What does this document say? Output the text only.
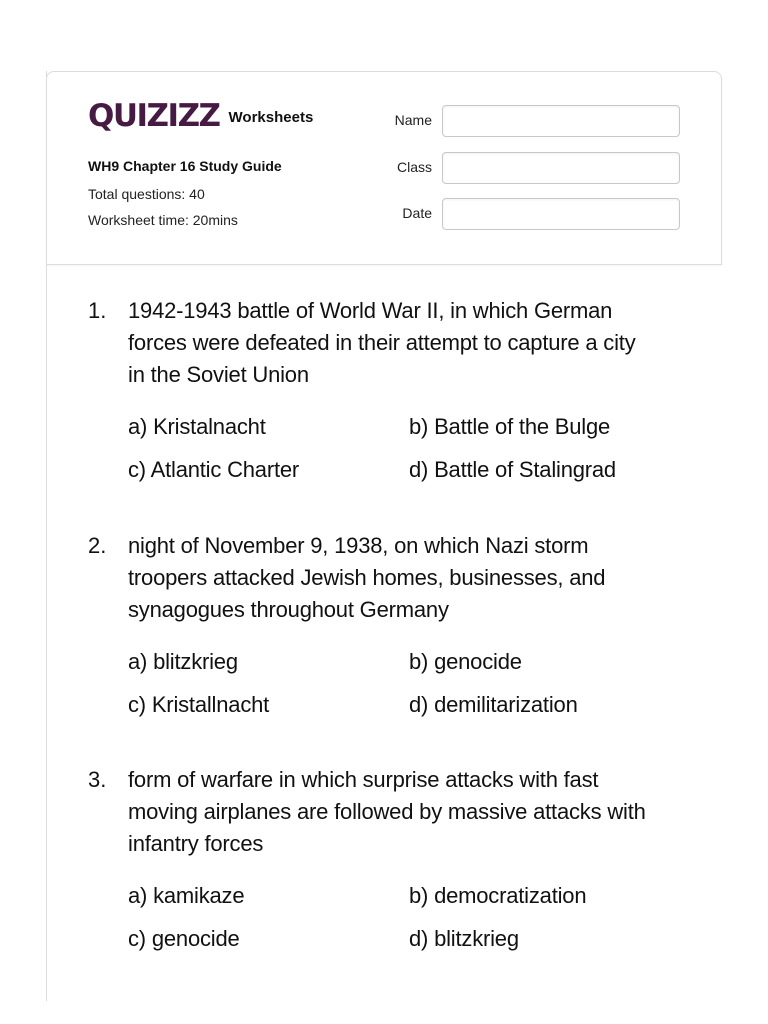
QUIZIZZ Worksheets
WH9 Chapter 16 Study Guide
Total questions: 40
Worksheet time: 20mins
Name
Class
Date
1. 1942-1943 battle of World War II, in which German
forces were defeated in their attempt to capture a city
in the Soviet Union
a) Kristalnacht	b) Battle of the Bulge
c) Atlantic Charter	d) Battle of Stalingrad
2. night of November 9, 1938, on which Nazi storm
troopers attacked Jewish homes, businesses, and
synagogues throughout Germany
a) blitzkrieg	b) genocide
c) Kristallnacht	d) demilitarization
3. form of warfare in which surprise attacks with fast
moving airplanes are followed by massive attacks with
infantry forces
a) kamikaze	b) democratization
c) genocide	d) blitzkrieg
